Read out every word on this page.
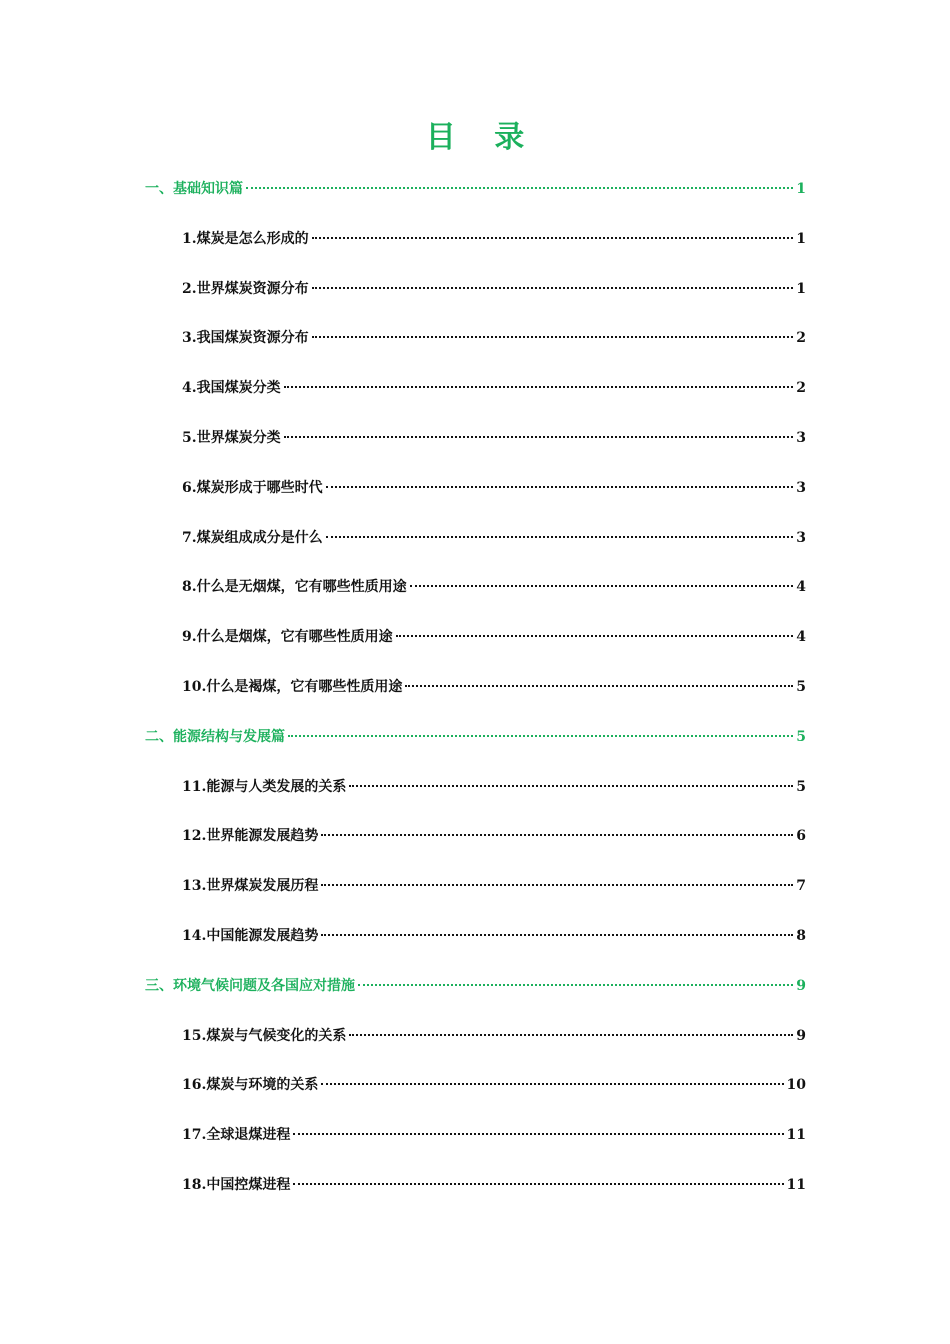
目 录
一、基础知识篇	1
1.煤炭是怎么形成的	1
2.世界煤炭资源分布	1
3.我国煤炭资源分布	2
4.我国煤炭分类	2
5.世界煤炭分类	3
6.煤炭形成于哪些时代	3
7.煤炭组成成分是什么	3
8.什么是无烟煤，它有哪些性质用途	4
9.什么是烟煤，它有哪些性质用途	4
10.什么是褐煤，它有哪些性质用途	5
二、能源结构与发展篇	5
11.能源与人类发展的关系	5
12.世界能源发展趋势	6
13.世界煤炭发展历程	7
14.中国能源发展趋势	8
三、环境气候问题及各国应对措施	9
15.煤炭与气候变化的关系	9
16.煤炭与环境的关系	10
17.全球退煤进程	11
18.中国控煤进程	11
